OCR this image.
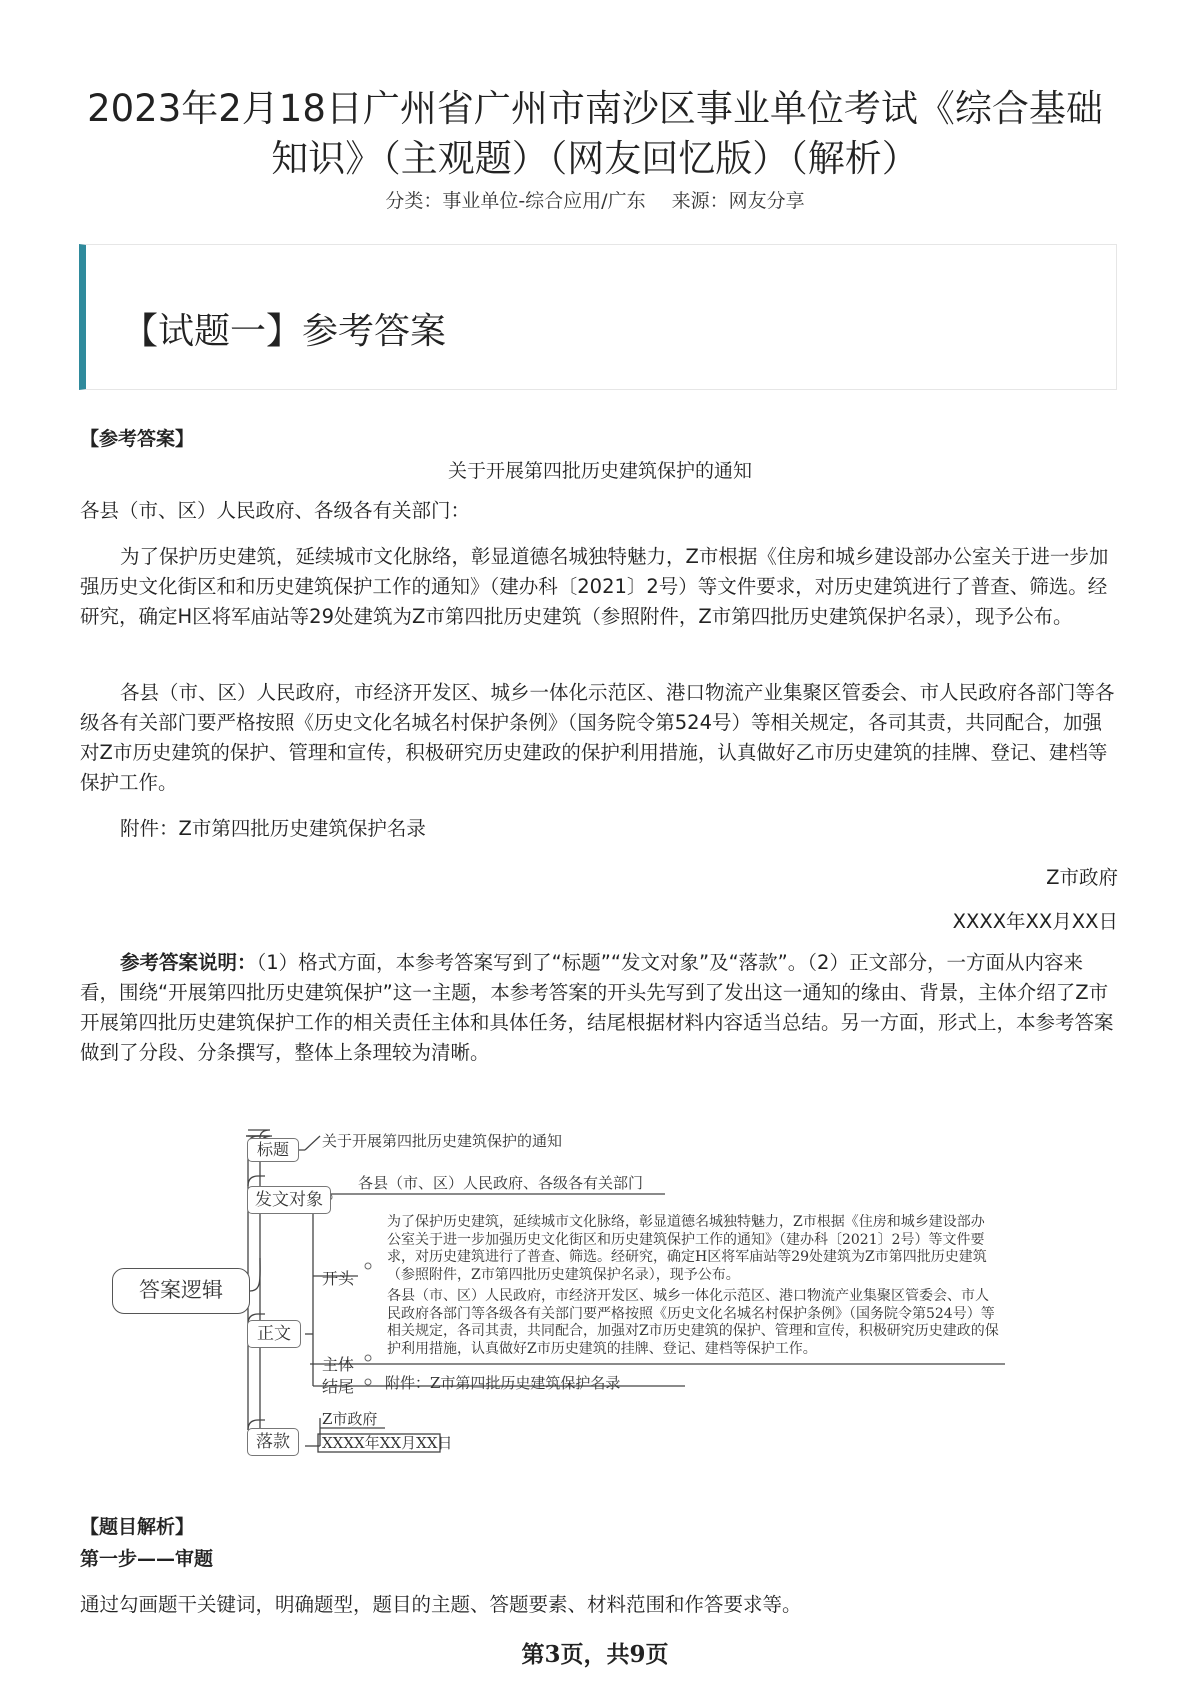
2023年2月18日广州省广州市南沙区事业单位考试《综合基础知识》（主观题）（网友回忆版）（解析）
分类：事业单位-综合应用/广东 来源：网友分享
【试题一】参考答案
【参考答案】
关于开展第四批历史建筑保护的通知
各县（市、区）人民政府、各级各有关部门：
为了保护历史建筑，延续城市文化脉络，彰显道德名城独特魅力，Z市根据《住房和城乡建设部办公室关于进一步加强历史文化街区和和历史建筑保护工作的通知》（建办科〔2021〕2号）等文件要求，对历史建筑进行了普查、筛选。经研究，确定H区将军庙站等29处建筑为Z市第四批历史建筑（参照附件，Z市第四批历史建筑保护名录），现予公布。
各县（市、区）人民政府，市经济开发区、城乡一体化示范区、港口物流产业集聚区管委会、市人民政府各部门等各级各有关部门要严格按照《历史文化名城名村保护条例》（国务院令第524号）等相关规定，各司其责，共同配合，加强对Z市历史建筑的保护、管理和宣传，积极研究历史建政的保护利用措施，认真做好乙市历史建筑的挂牌、登记、建档等保护工作。
附件：Z市第四批历史建筑保护名录
Z市政府
XXXX年XX月XX日
参考答案说明：（1）格式方面，本参考答案写到了“标题”“发文对象”及“落款”。（2）正文部分，一方面从内容来看，围绕“开展第四批历史建筑保护”这一主题，本参考答案的开头先写到了发出这一通知的缘由、背景，主体介绍了Z市开展第四批历史建筑保护工作的相关责任主体和具体任务，结尾根据材料内容适当总结。另一方面，形式上，本参考答案做到了分段、分条撰写，整体上条理较为清晰。
答案逻辑
标题	关于开展第四批历史建筑保护的通知
发文对象
各县（市、区）人民政府、各级各有关部门
开头
为了保护历史建筑，延续城市文化脉络，彰显道德名城独特魅力，Z市根据《住房和城乡建设部办公室关于进一步加强历史文化街区和历史建筑保护工作的通知》（建办科〔2021〕2号）等文件要求，对历史建筑进行了普查、筛选。经研究，确定H区将军庙站等29处建筑为Z市第四批历史建筑（参照附件，Z市第四批历史建筑保护名录），现予公布。
正文
主体
各县（市、区）人民政府，市经济开发区、城乡一体化示范区、港口物流产业集聚区管委会、市人民政府各部门等各级各有关部门要严格按照《历史文化名城名村保护条例》（国务院令第524号）等相关规定，各司其责，共同配合，加强对Z市历史建筑的保护、管理和宣传，积极研究历史建政的保护利用措施，认真做好Z市历史建筑的挂牌、登记、建档等保护工作。
结尾 附件：Z市第四批历史建筑保护名录
落款
Z市政府
XXXX年XX月XX日
【题目解析】
第一步——审题
通过勾画题干关键词，明确题型，题目的主题、答题要素、材料范围和作答要求等。
第3页，共9页
